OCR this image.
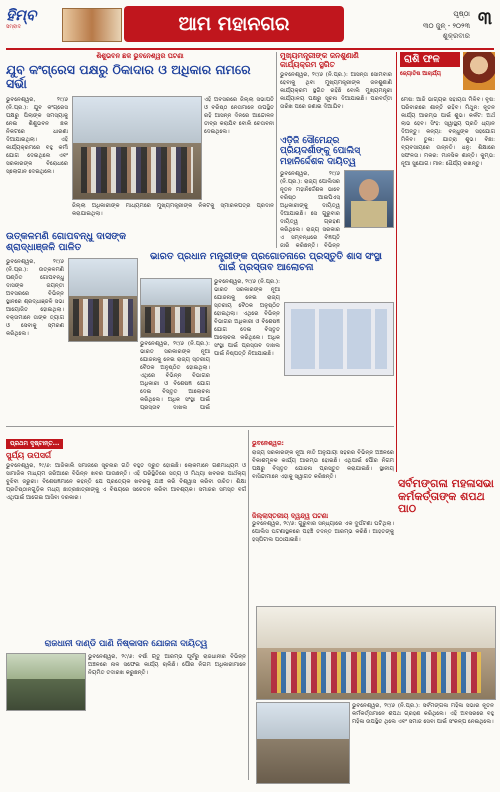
ହିମ୍ବ
ସମ୍ବାଦ	ଆମ ମହାନଗର	ପୃଷ୍ଠା ୩
୩୦ ଜୁନ୍ - ୨୦୨୩
ଶୁକ୍ରବାର
ଶିଶୁଭବନ ଛକ ଭୁବନେଶ୍ୱର ଘଟଣା
ଯୁବ କଂଗ୍ରେସ ପକ୍ଷରୁ ଠିକାଦାର ଓ ଅଧିକାର ନାମରେ ସର୍ଭା
ଭୁବନେଶ୍ୱର, ୨୯/୬ (ନି.ପ୍ର.): ଯୁବ କଂଗ୍ରେସ ପକ୍ଷରୁ ପିଲାଙ୍କ ସମସ୍ୟାକୁ ନେଇ ଶିଶୁଭବନ ଛକ ନିକଟରେ ଧାରଣା ଦିଆଯାଇଥିଲା। ଏହି କାର୍ଯ୍ୟକ୍ରମରେ ବହୁ କର୍ମୀ ଯୋଗ ଦେଇଥିଲେ ଏବଂ ସରକାରଙ୍କ ବିରୋଧରେ ସ୍ଲୋଗାନ ଦେଇଥିଲେ।
ଏହି ଅବସରରେ ଜିଲ୍ଲା ସଭାପତି ଓ ବରିଷ୍ଠ ନେତାମାନେ ଉପସ୍ଥିତ ରହି ଆସନ୍ନ ଦିନରେ ଆନ୍ଦୋଳନ ତୀବ୍ର କରାଯିବ ବୋଲି ଚେତାବନୀ ଦେଇଥିଲେ।
ଜିଲ୍ଲା ଅଧିକାରୀଙ୍କ ମାଧ୍ୟମରେ ମୁଖ୍ୟମନ୍ତ୍ରୀଙ୍କ ନିକଟକୁ ସ୍ମାରକପତ୍ର ପ୍ରଦାନ କରାଯାଇଥିଲା।
ମୁଖ୍ୟମନ୍ତ୍ରୀଙ୍କ ଜନଶୁଣାଣି କାର୍ଯ୍ୟକ୍ରମ ସ୍ଥଗିତ
ଭୁବନେଶ୍ୱର, ୨୯/୬ (ନି.ପ୍ର.): ଆସନ୍ତା ସୋମବାର ହେବାକୁ ଥିବା ମୁଖ୍ୟମନ୍ତ୍ରୀଙ୍କ ଜନଶୁଣାଣି କାର୍ଯ୍ୟକ୍ରମ ସ୍ଥଗିତ ରହିଛି ବୋଲି ମୁଖ୍ୟମନ୍ତ୍ରୀ କାର୍ଯ୍ୟାଳୟ ପକ୍ଷରୁ ସୂଚନା ଦିଆଯାଇଛି। ପରବର୍ତ୍ତୀ ତାରିଖ ପରେ ଜଣାଇ ଦିଆଯିବ।
ଏଡ଼ିଜି ସୌମେନ୍ଦ୍ର ପ୍ରିୟଦର୍ଶୀଙ୍କୁ ପୋଲିସ୍ ମହାନିର୍ଦ୍ଦେଶକ ଦାୟିତ୍ୱ
ଭୁବନେଶ୍ୱର, ୨୯/୬ (ନି.ପ୍ର.): ରାଜ୍ୟ ପୋଲିସର ନୂତନ ମହାନିର୍ଦ୍ଦେଶକ ଭାବେ ବରିଷ୍ଠ ଆଇପିଏସ୍ ଅଧିକାରୀଙ୍କୁ ଦାୟିତ୍ୱ ଦିଆଯାଇଛି। ସେ ଗୁରୁବାର ଦାୟିତ୍ୱ ଗ୍ରହଣ କରିଥିଲେ। ରାଜ୍ୟ ସରକାର ଏ ସମ୍ବନ୍ଧରେ ବିଜ୍ଞପ୍ତି ଜାରି କରିଛନ୍ତି। ବିଭିନ୍ନ
ରାଶି ଫଳ
ଜ୍ୟୋତିଷ ଆଚାର୍ଯ୍ୟ
ମେଷ: ଆଜି ଭାଗ୍ୟର ସହାୟତା ମିଳିବ। ବୃଷ: ପରିବାରରେ ଶାନ୍ତି ରହିବ। ମିଥୁନ: ନୂତନ କାର୍ଯ୍ୟ ଆରମ୍ଭ ପାଇଁ ଶୁଭ। କର୍କଟ: ଅର୍ଥ ଲାଭ ହେବ। ସିଂହ: ସ୍ୱାସ୍ଥ୍ୟ ପ୍ରତି ଧ୍ୟାନ ଦିଅନ୍ତୁ। କନ୍ୟା: ବନ୍ଧୁଙ୍କ ସହଯୋଗ ମିଳିବ। ତୁଳା: ଯାତ୍ରା ଶୁଭ। ବିଛା: ବ୍ୟବସାୟରେ ଉନ୍ନତି। ଧନୁ: ଶିକ୍ଷାରେ ସଫଳତା। ମକର: ମାନସିକ ଶାନ୍ତି। କୁମ୍ଭ: ନୂଆ ସୁଯୋଗ। ମୀନ: ଧୈର୍ଯ୍ୟ ରଖନ୍ତୁ।
ଉତ୍କଳମଣି ଗୋପବନ୍ଧୁ ଦାସଙ୍କ ଶ୍ରାଦ୍ଧାଞ୍ଜଳି ପାଳିତ
ଭୁବନେଶ୍ୱର, ୨୯/୬ (ନି.ପ୍ର.): ଉତ୍କଳମଣି ପଣ୍ଡିତ ଗୋପବନ୍ଧୁ ଦାସଙ୍କ ଜୟନ୍ତୀ ଅବସରରେ ବିଭିନ୍ନ ସ୍ଥାନରେ ଶ୍ରଦ୍ଧାଞ୍ଜଳି ସଭା ଆୟୋଜିତ ହୋଇଥିଲା। ବକ୍ତାମାନେ ତାଙ୍କ ତ୍ୟାଗ ଓ ସେବାକୁ ସ୍ମରଣ କରିଥିଲେ।
ଭାରତ ପ୍ରଧାନ ମନ୍ତ୍ରୀଙ୍କ ପ୍ରଗୋତନାରେ ପ୍ରସ୍ତୁତି ଶାସ ସଂସ୍ଥା ପାଇଁ ପ୍ରସ୍ତାବ ଆଲୋଚନା
ଭୁବନେଶ୍ୱର, ୨୯/୬ (ନି.ପ୍ର.): ଭାରତ ସରକାରଙ୍କ ନୂଆ ଯୋଜନାକୁ ନେଇ ରାଜ୍ୟ ସ୍ତରୀୟ ବୈଠକ ଅନୁଷ୍ଠିତ ହୋଇଥିଲା। ଏଥିରେ ବିଭିନ୍ନ ବିଭାଗର ଅଧିକାରୀ ଓ ବିଶେଷଜ୍ଞ ଯୋଗ ଦେଇ ବିସ୍ତୃତ ଆଲୋଚନା କରିଥିଲେ। ଅଧିକ ସଂସ୍ଥା ପାଇଁ ପ୍ରସ୍ତାବ ଦାଖଲ ପାଇଁ ନିଷ୍ପତ୍ତି ନିଆଯାଇଛି।
ଭୁବନେଶ୍ୱର, ୨୯/୬ (ନି.ପ୍ର.): ଭାରତ ସରକାରଙ୍କ ନୂଆ ଯୋଜନାକୁ ନେଇ ରାଜ୍ୟ ସ୍ତରୀୟ ବୈଠକ ଅନୁଷ୍ଠିତ ହୋଇଥିଲା। ଏଥିରେ ବିଭିନ୍ନ ବିଭାଗର ଅଧିକାରୀ ଓ ବିଶେଷଜ୍ଞ ଯୋଗ ଦେଇ ବିସ୍ତୃତ ଆଲୋଚନା କରିଥିଲେ। ଅଧିକ ସଂସ୍ଥା ପାଇଁ ପ୍ରସ୍ତାବ ଦାଖଲ ପାଇଁ
ପ୍ରଥମ ଦୃଷ୍ଟାନ୍ତ...
ସୁର୍ଯ୍ୟ ଉପସର୍ଗ
ଭୁବନେଶ୍ୱର, ୨୯/୬: ଆଜିକାଲି ସମାଜରେ ସୂଚନାର ଗତି ବହୁତ ଦ୍ରୁତ ହୋଇଛି। ଲୋକମାନେ ଗଣମାଧ୍ୟମ ଓ ସାମାଜିକ ମାଧ୍ୟମ ଜରିଆରେ ବିଭିନ୍ନ ଖବର ପାଉଛନ୍ତି। ଏହି ପରିସ୍ଥିତିରେ ସତ୍ୟ ଓ ମିଥ୍ୟା ଖବରର ପାର୍ଥକ୍ୟ ବୁଝିବା ଜରୁରୀ। ବିଶେଷଜ୍ଞମାନେ କହନ୍ତି ଯେ ପ୍ରତ୍ୟେକ ଖବରକୁ ଯାଞ୍ଚ କରି ବିଶ୍ୱାସ କରିବା ଉଚିତ। ଶିକ୍ଷା ପ୍ରତିଷ୍ଠାନଗୁଡ଼ିକ ମଧ୍ୟ ଛାତ୍ରଛାତ୍ରୀଙ୍କୁ ଏ ବିଷୟରେ ସଚେତନ କରିବା ଆବଶ୍ୟକ। ସମାଜର ସମସ୍ତ ବର୍ଗ ଏଥିପାଇଁ ଆଗେଇ ଆସିବା ଦରକାର।
ଭୁବନେଶ୍ୱର:
ରାଜ୍ୟ ସରକାରଙ୍କ ନୂଆ ନୀତି ଅନୁଯାୟୀ ସହରର ବିଭିନ୍ନ ଅଞ୍ଚଳରେ ବିକାଶମୂଳକ କାର୍ଯ୍ୟ ଆରମ୍ଭ ହୋଇଛି। ଏଥିପାଇଁ ପୌର ନିଗମ ପକ୍ଷରୁ ବିସ୍ତୃତ ଯୋଜନା ପ୍ରସ୍ତୁତ କରାଯାଇଛି। ସ୍ଥାନୀୟ ବାସିନ୍ଦାମାନେ ଏହାକୁ ସ୍ୱାଗତ କରିଛନ୍ତି।
ଜିଲ୍ଲାସ୍ତରୀୟ ଦ୍ୱନ୍ଦ୍ୱ ଘଟଣା
ଭୁବନେଶ୍ୱର, ୨୯/୬: ଗୁରୁବାର ସନ୍ଧ୍ୟାରେ ଏକ ଦୁର୍ଘଟଣା ଘଟିଥିଲା। ପୋଲିସ ଘଟଣାସ୍ଥଳରେ ପହଞ୍ଚି ତଦନ୍ତ ଆରମ୍ଭ କରିଛି। ଆହତଙ୍କୁ ହସ୍ପିଟାଲ ପଠାଯାଇଛି।
ସର୍ବମଙ୍ଗଳା ମହଳାସଭା କର୍ମକର୍ତ୍ତାଙ୍କ ଶପଥ ପାଠ
ଭୁବନେଶ୍ୱର, ୨୯/୬ (ନି.ପ୍ର.): ସର୍ବମଙ୍ଗଳା ମହିଳା ସଭାର ନୂତନ କର୍ମକର୍ତ୍ତାମାନେ ଶପଥ ଗ୍ରହଣ କରିଥିଲେ। ଏହି ଅବସରରେ ବହୁ ମହିଳା ଉପସ୍ଥିତ ଥିଲେ ଏବଂ ସମାଜ ସେବା ପାଇଁ ସଂକଳ୍ପ ନେଇଥିଲେ।
ରାଜଧାନୀ ଦାଣ୍ଡି ପାଣି ନିଷ୍କାସନ ଯୋଜନା ଦାୟିତ୍ୱ
ଭୁବନେଶ୍ୱର, ୨୯/୬: ବର୍ଷା ଋତୁ ଆରମ୍ଭ ପୂର୍ବରୁ ରାଜଧାନୀର ବିଭିନ୍ନ ଅଞ୍ଚଳରେ ନାଳ ସଫେଇ କାର୍ଯ୍ୟ ଚାଲିଛି। ପୌର ନିଗମ ଅଧିକାରୀମାନେ ନିୟମିତ ତଦାରଖ କରୁଛନ୍ତି।
